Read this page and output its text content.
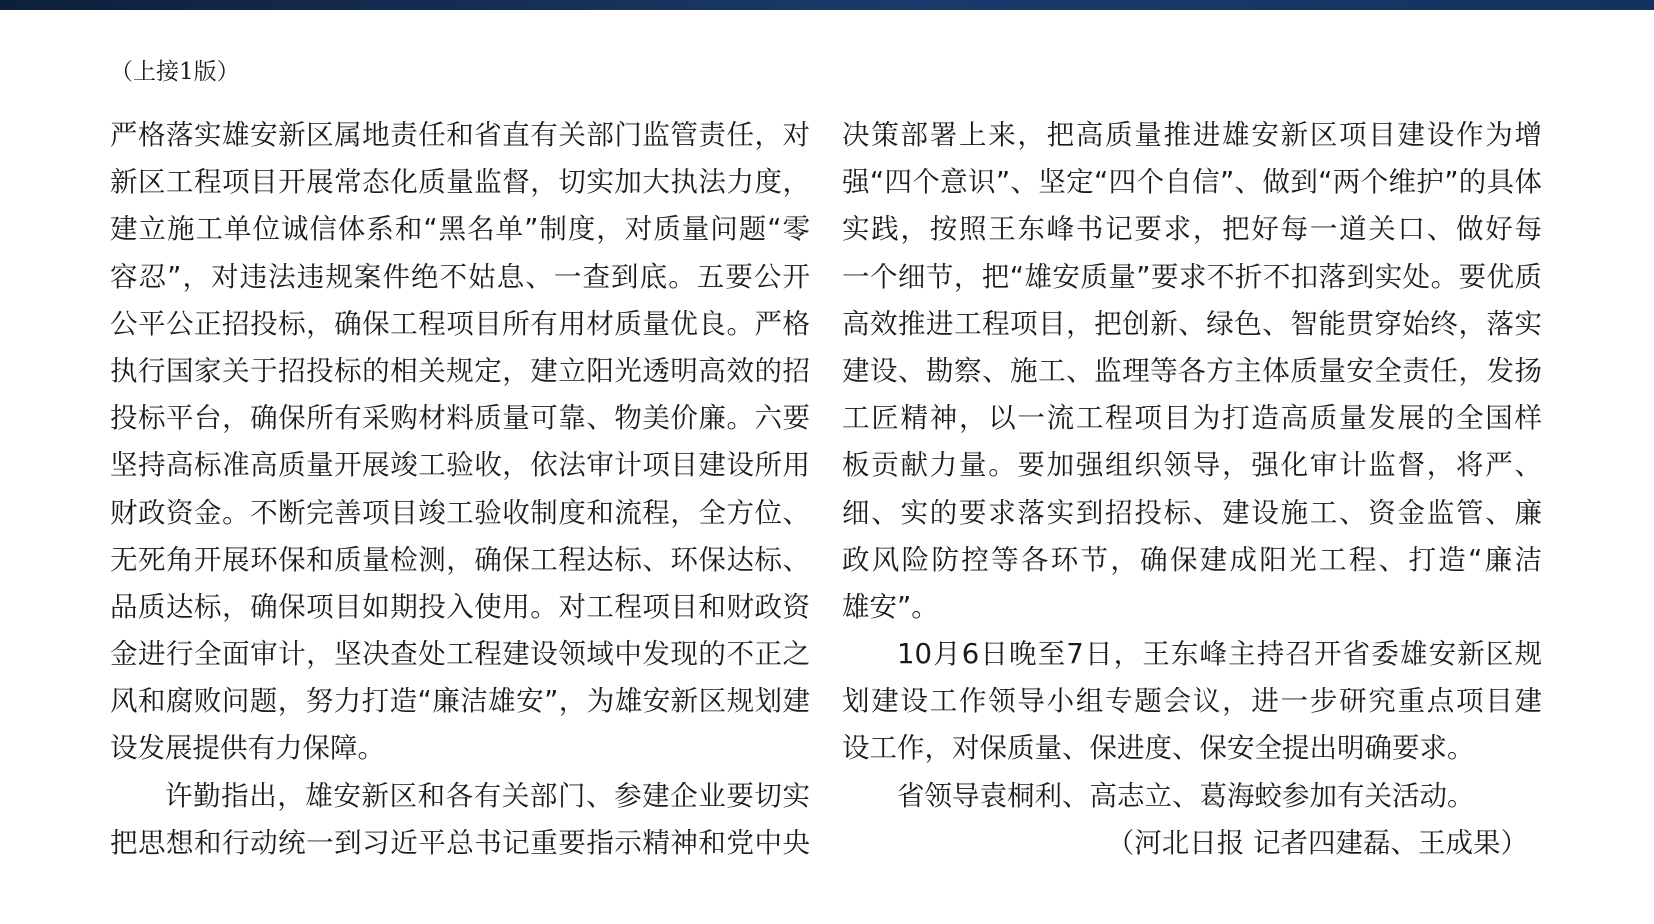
（上接1版）
严格落实雄安新区属地责任和省直有关部门监管责任，对
新区工程项目开展常态化质量监督，切实加大执法力度，
建立施工单位诚信体系和“黑名单”制度，对质量问题“零
容忍”，对违法违规案件绝不姑息、一查到底。五要公开
公平公正招投标，确保工程项目所有用材质量优良。严格
执行国家关于招投标的相关规定，建立阳光透明高效的招
投标平台，确保所有采购材料质量可靠、物美价廉。六要
坚持高标准高质量开展竣工验收，依法审计项目建设所用
财政资金。不断完善项目竣工验收制度和流程，全方位、
无死角开展环保和质量检测，确保工程达标、环保达标、
品质达标，确保项目如期投入使用。对工程项目和财政资
金进行全面审计，坚决查处工程建设领域中发现的不正之
风和腐败问题，努力打造“廉洁雄安”，为雄安新区规划建
设发展提供有力保障。
许勤指出，雄安新区和各有关部门、参建企业要切实
把思想和行动统一到习近平总书记重要指示精神和党中央
决策部署上来，把高质量推进雄安新区项目建设作为增
强“四个意识”、坚定“四个自信”、做到“两个维护”的具体
实践，按照王东峰书记要求，把好每一道关口、做好每
一个细节，把“雄安质量”要求不折不扣落到实处。要优质
高效推进工程项目，把创新、绿色、智能贯穿始终，落实
建设、勘察、施工、监理等各方主体质量安全责任，发扬
工匠精神，以一流工程项目为打造高质量发展的全国样
板贡献力量。要加强组织领导，强化审计监督，将严、
细、实的要求落实到招投标、建设施工、资金监管、廉
政风险防控等各环节，确保建成阳光工程、打造“廉洁
雄安”。
10月6日晚至7日，王东峰主持召开省委雄安新区规
划建设工作领导小组专题会议，进一步研究重点项目建
设工作，对保质量、保进度、保安全提出明确要求。
省领导袁桐利、高志立、葛海蛟参加有关活动。
（河北日报 记者四建磊、王成果）
